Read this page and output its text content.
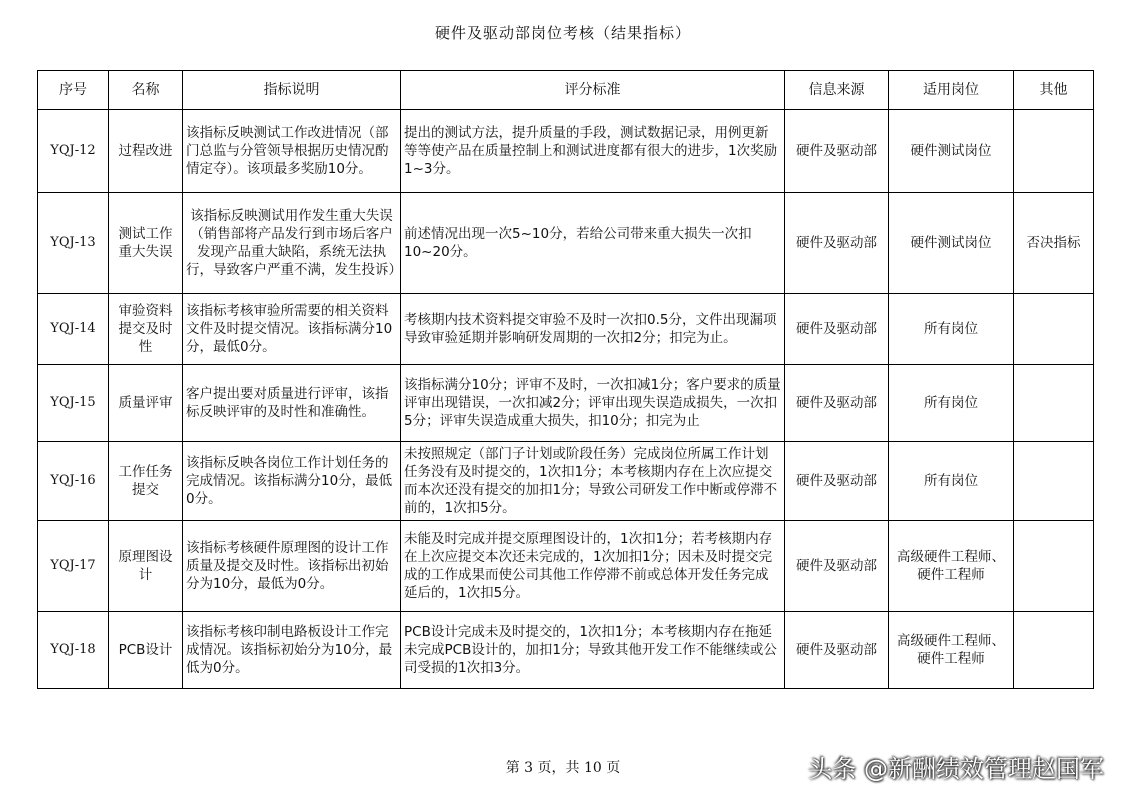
硬件及驱动部岗位考核（结果指标）
序号	名称	指标说明	评分标准	信息来源	适用岗位	其他
YQJ-12	过程改进	该指标反映测试工作改进情况（部门总监与分管领导根据历史情况酌情定夺）。该项最多奖励10分。	提出的测试方法，提升质量的手段，测试数据记录，用例更新等等使产品在质量控制上和测试进度都有很大的进步，1次奖励1~3分。	硬件及驱动部	硬件测试岗位	
YQJ-13	测试工作重大失误	该指标反映测试用作发生重大失误（销售部将产品发行到市场后客户发现产品重大缺陷，系统无法执行，导致客户严重不满，发生投诉）	前述情况出现一次5~10分，若给公司带来重大损失一次扣10~20分。	硬件及驱动部	硬件测试岗位	否决指标
YQJ-14	审验资料提交及时性	该指标考核审验所需要的相关资料文件及时提交情况。该指标满分10分，最低0分。	考核期内技术资料提交审验不及时一次扣0.5分，文件出现漏项导致审验延期并影响研发周期的一次扣2分；扣完为止。	硬件及驱动部	所有岗位	
YQJ-15	质量评审	客户提出要对质量进行评审，该指标反映评审的及时性和准确性。	该指标满分10分；评审不及时，一次扣减1分；客户要求的质量评审出现错误，一次扣减2分；评审出现失误造成损失，一次扣5分；评审失误造成重大损失，扣10分；扣完为止	硬件及驱动部	所有岗位	
YQJ-16	工作任务提交	该指标反映各岗位工作计划任务的完成情况。该指标满分10分，最低0分。	未按照规定（部门子计划或阶段任务）完成岗位所属工作计划任务没有及时提交的，1次扣1分；本考核期内存在上次应提交而本次还没有提交的加扣1分；导致公司研发工作中断或停滞不前的，1次扣5分。	硬件及驱动部	所有岗位	
YQJ-17	原理图设计	该指标考核硬件原理图的设计工作质量及提交及时性。该指标出初始分为10分，最低为0分。	未能及时完成并提交原理图设计的，1次扣1分；若考核期内存在上次应提交本次还未完成的，1次加扣1分；因未及时提交完成的工作成果而使公司其他工作停滞不前或总体开发任务完成延后的，1次扣5分。	硬件及驱动部	高级硬件工程师、硬件工程师	
YQJ-18	PCB设计	该指标考核印制电路板设计工作完成情况。该指标初始分为10分，最低为0分。	PCB设计完成未及时提交的，1次扣1分；本考核期内存在拖延未完成PCB设计的，加扣1分；导致其他开发工作不能继续或公司受损的1次扣3分。	硬件及驱动部	高级硬件工程师、硬件工程师	
第 3 页，共 10 页	头条 @新酬绩效管理赵国军
